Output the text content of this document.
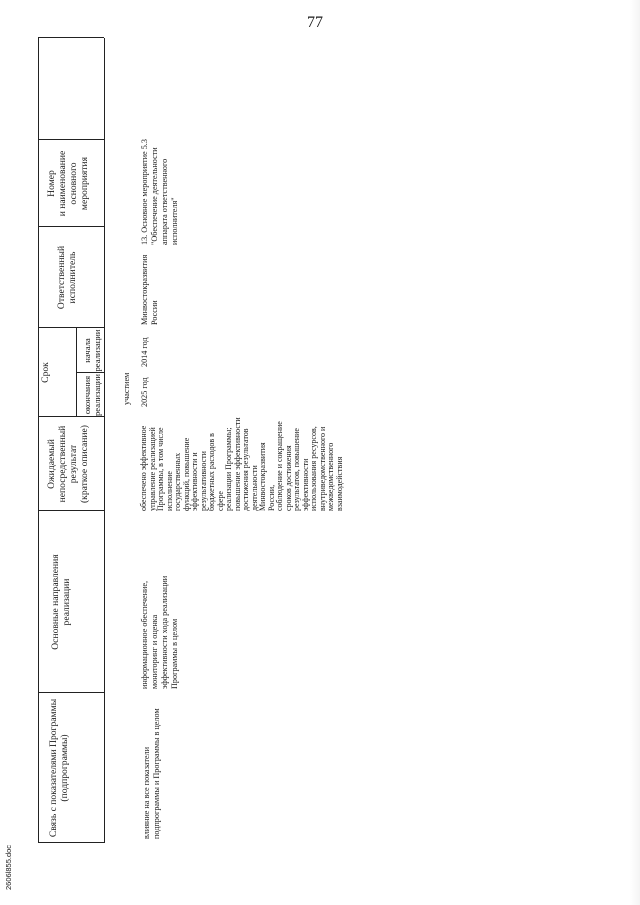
77
Связь с показателями Программы
(подпрограммы)
Основные направления
реализации
Ожидаемый
непосредственный результат
(краткое описание)
Срок
начала
реализации
окончания
реализации
Ответственный
исполнитель
Номер
и наименование основного
мероприятия
влияние на все показатели
подпрограммы и Программы в целом
информационное обеспечение,
мониторинг и оценка
эффективности хода реализации
Программы в целом
участием
обеспечено эффективное
управление реализацией
Программы, в том числе
исполнение государственных
функций, повышение
эффективности и
результативности
бюджетных расходов в сфере
реализации Программы;
повышение эффективности
достижения результатов
деятельности
Минвостокразвития России,
соблюдение и сокращение
сроков достижения
результатов, повышение
эффективности
использования ресурсов,
внутриведомственного и
межведомственного
взаимодействия
2025 год
2014 год
Минвостокразвития
России
13. Основное мероприятие 5.3
"Обеспечение деятельности
аппарата ответственного
исполнителя"
2606l855.doc
